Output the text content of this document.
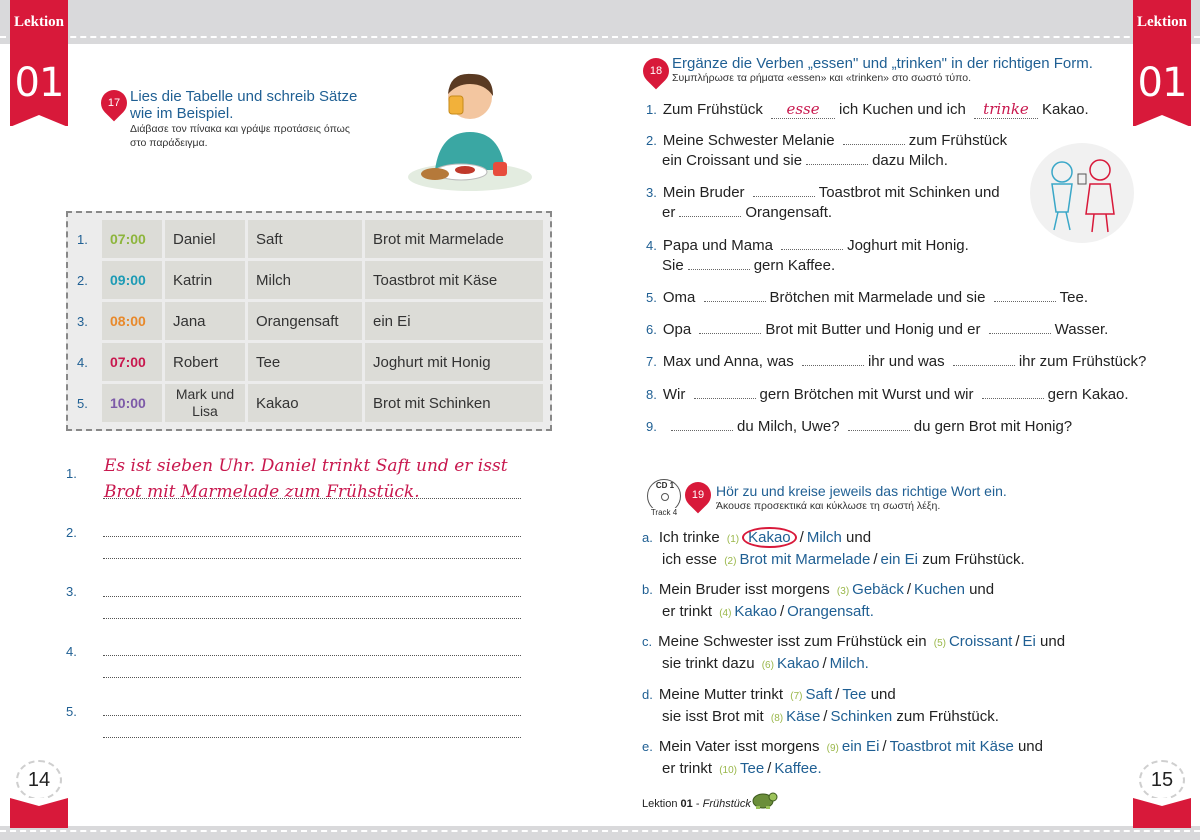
Lektion
01
Lektion
01
17 Lies die Tabelle und schreib Sätze
wie im Beispiel.
Διάβασε τον πίνακα και γράψε προτάσεις όπως
στο παράδειγμα.
1.	07:00	Daniel	Saft	Brot mit Marmelade
2.	09:00	Katrin	Milch	Toastbrot mit Käse
3.	08:00	Jana	Orangensaft	ein Ei
4.	07:00	Robert	Tee	Joghurt mit Honig
5.	10:00	Mark und
Lisa	Kakao	Brot mit Schinken
1. Es ist sieben Uhr. Daniel trinkt Saft und er isst
Brot mit Marmelade zum Frühstück.
2.
3.
4.
5.
14	15
18 Ergänze die Verben „essen" und „trinken" in der richtigen Form.
Συμπλήρωσε τα ρήματα «essen» και «trinken» στο σωστό τύπο.
1. Zum Frühstück esse ich Kuchen und ich trinke Kakao.
2. Meine Schwester Melanie	zum Frühstück
ein Croissant und sie	dazu Milch.
3. Mein Bruder	Toastbrot mit Schinken und
er	Orangensaft.
4. Papa und Mama	Joghurt mit Honig.
Sie	gern Kaffee.
5. Oma	Brötchen mit Marmelade und sie	Tee.
6. Opa	Brot mit Butter und Honig und er	Wasser.
7. Max und Anna, was	ihr und was	ihr zum Frühstück?
8. Wir	gern Brötchen mit Wurst und wir	gern Kakao.
9.	du Milch, Uwe?	du gern Brot mit Honig?
CD 1
Track 4
19 Hör zu und kreise jeweils das richtige Wort ein.
Άκουσε προσεκτικά και κύκλωσε τη σωστή λέξη.
a. Ich trinke (1) Kakao / Milch und
ich esse (2) Brot mit Marmelade / ein Ei zum Frühstück.
b. Mein Bruder isst morgens (3) Gebäck / Kuchen und
er trinkt (4) Kakao / Orangensaft.
c. Meine Schwester isst zum Frühstück ein (5) Croissant / Ei und
sie trinkt dazu (6) Kakao / Milch.
d. Meine Mutter trinkt (7) Saft / Tee und
sie isst Brot mit (8) Käse / Schinken zum Frühstück.
e. Mein Vater isst morgens (9) ein Ei / Toastbrot mit Käse und
er trinkt (10) Tee / Kaffee.
Lektion 01 - Frühstück
